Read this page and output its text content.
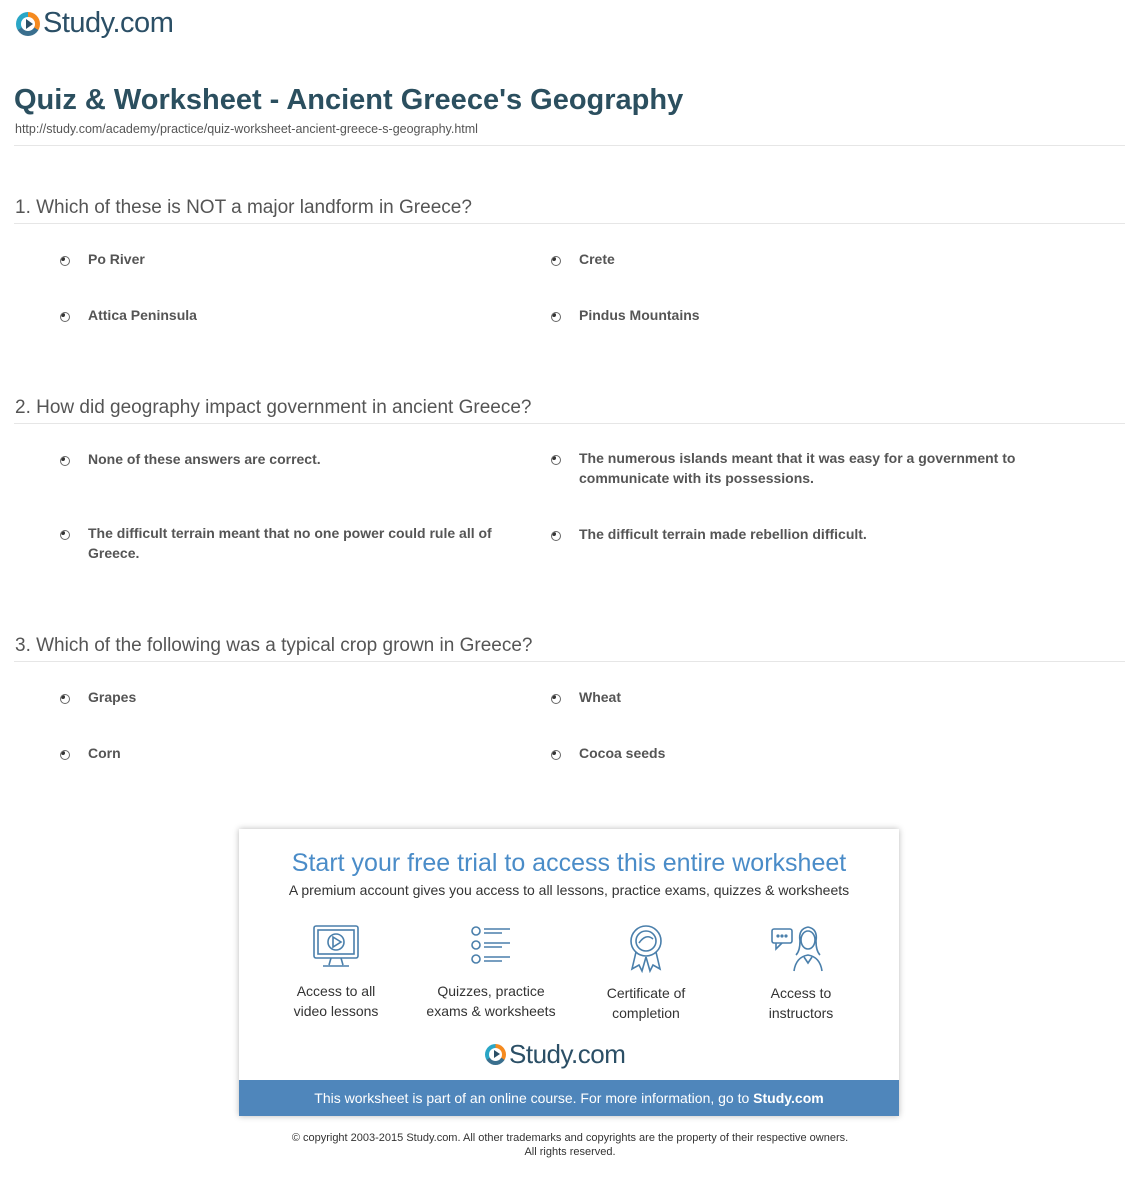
Study.com
Quiz & Worksheet - Ancient Greece's Geography
http://study.com/academy/practice/quiz-worksheet-ancient-greece-s-geography.html
1. Which of these is NOT a major landform in Greece?
Po River	Crete
Attica Peninsula	Pindus Mountains
2. How did geography impact government in ancient Greece?
None of these answers are correct.	The numerous islands meant that it was easy for a government to communicate with its possessions.
The difficult terrain meant that no one power could rule all of Greece.
The difficult terrain made rebellion difficult.
3. Which of the following was a typical crop grown in Greece?
Grapes	Wheat
Corn	Cocoa seeds
Start your free trial to access this entire worksheet
A premium account gives you access to all lessons, practice exams, quizzes & worksheets
Access to all
video lessons
Quizzes, practice
exams & worksheets
Certificate of
completion
Access to
instructors
Study.com
This worksheet is part of an online course. For more information, go to Study.com
© copyright 2003-2015 Study.com. All other trademarks and copyrights are the property of their respective owners.
All rights reserved.
